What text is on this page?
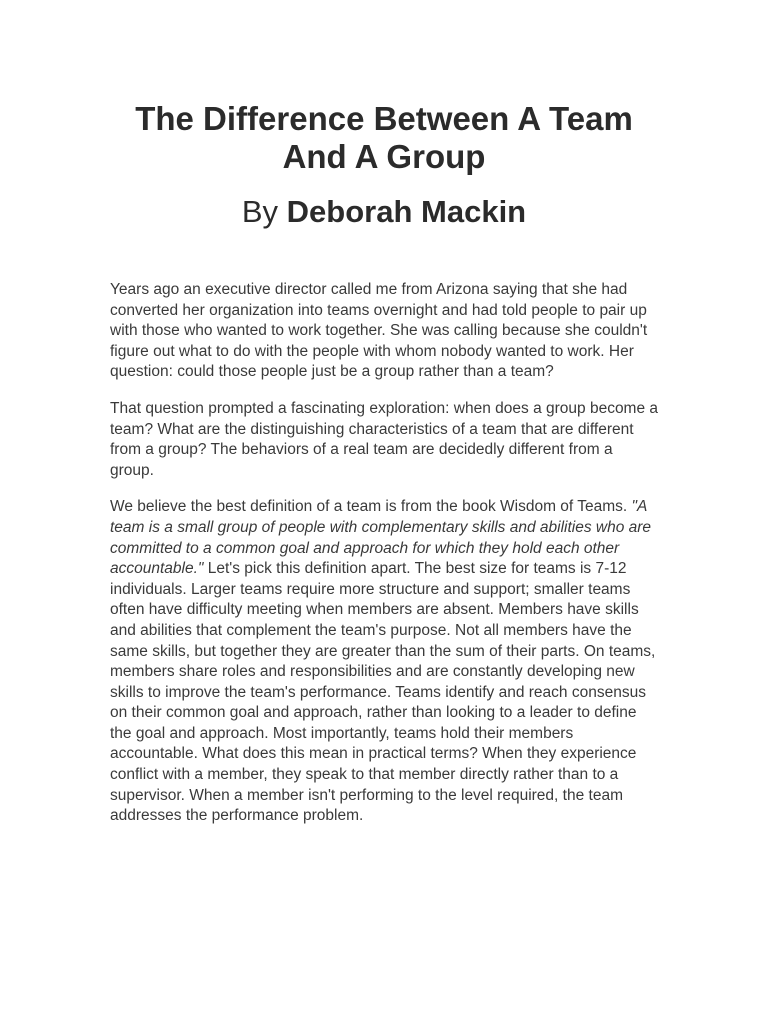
The Difference Between A Team And A Group
By Deborah Mackin

Years ago an executive director called me from Arizona saying that she had converted her organization into teams overnight and had told people to pair up with those who wanted to work together. She was calling because she couldn't figure out what to do with the people with whom nobody wanted to work. Her question: could those people just be a group rather than a team?

That question prompted a fascinating exploration: when does a group become a team? What are the distinguishing characteristics of a team that are different from a group? The behaviors of a real team are decidedly different from a group.

We believe the best definition of a team is from the book Wisdom of Teams. "A team is a small group of people with complementary skills and abilities who are committed to a common goal and approach for which they hold each other accountable." Let's pick this definition apart. The best size for teams is 7-12 individuals. Larger teams require more structure and support; smaller teams often have difficulty meeting when members are absent. Members have skills and abilities that complement the team's purpose. Not all members have the same skills, but together they are greater than the sum of their parts. On teams, members share roles and responsibilities and are constantly developing new skills to improve the team's performance. Teams identify and reach consensus on their common goal and approach, rather than looking to a leader to define the goal and approach. Most importantly, teams hold their members accountable. What does this mean in practical terms? When they experience conflict with a member, they speak to that member directly rather than to a supervisor. When a member isn't performing to the level required, the team addresses the performance problem.
